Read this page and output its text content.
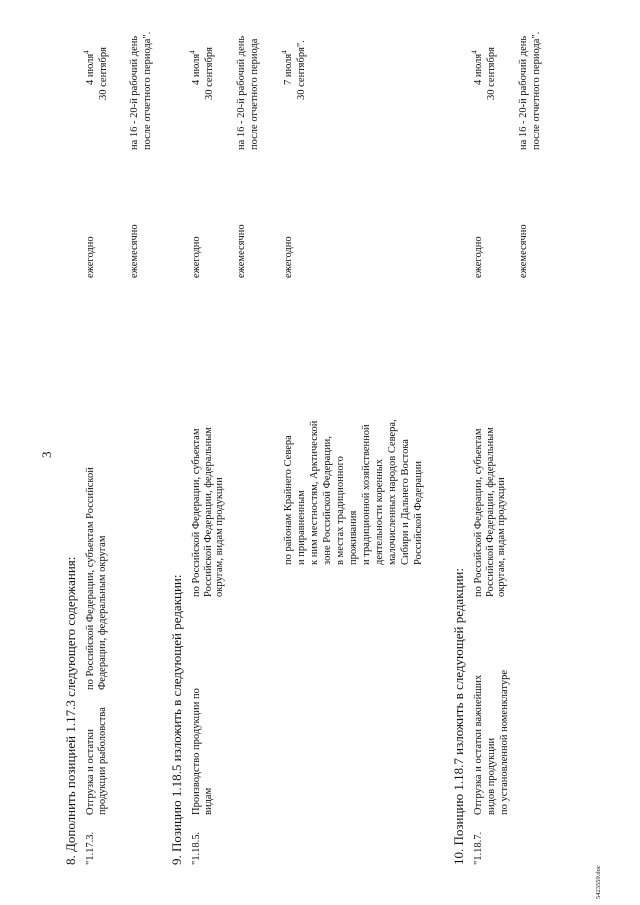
3
8. Дополнить позицией 1.17.3 следующего содержания: "1.17.3.
Отгрузка и остатки продукции рыболовства
по Российской Федерации, субъектам Российской Федерации, федеральным округам
ежегодно
4 июля$^4$ 30 сентября
ежемесячно
на 16 - 20-й рабочий день после отчетного периода".
9. Позицию 1.18.5 изложить в следующей редакции: "1.18.5.
Производство продукции по видам
по Российской Федерации, субъектам Российской Федерации, федеральным округам, видам продукции
ежегодно
4 июля$^4$ 30 сентября
ежемесячно
на 16 - 20-й рабочий день после отчетного периода
по районам Крайнего Севера и приравненным к ним местностям, Арктической зоне Российской Федерации, в местах традиционного проживания и традиционной хозяйственной деятельности коренных малочисленных народов Севера, Сибири и Дальнего Востока Российской Федерации
ежегодно
7 июля$^4$ 30 сентября".
10. Позицию 1.18.7 изложить в следующей редакции: "1.18.7.
Отгрузка и остатки важнейших видов продукции по установленной номенклатуре
по Российской Федерации, субъектам Российской Федерации, федеральным округам, видам продукции
ежегодно
4 июля$^4$ 30 сентября
ежемесячно
на 16 - 20-й рабочий день после отчетного периода".
5423559.doc
